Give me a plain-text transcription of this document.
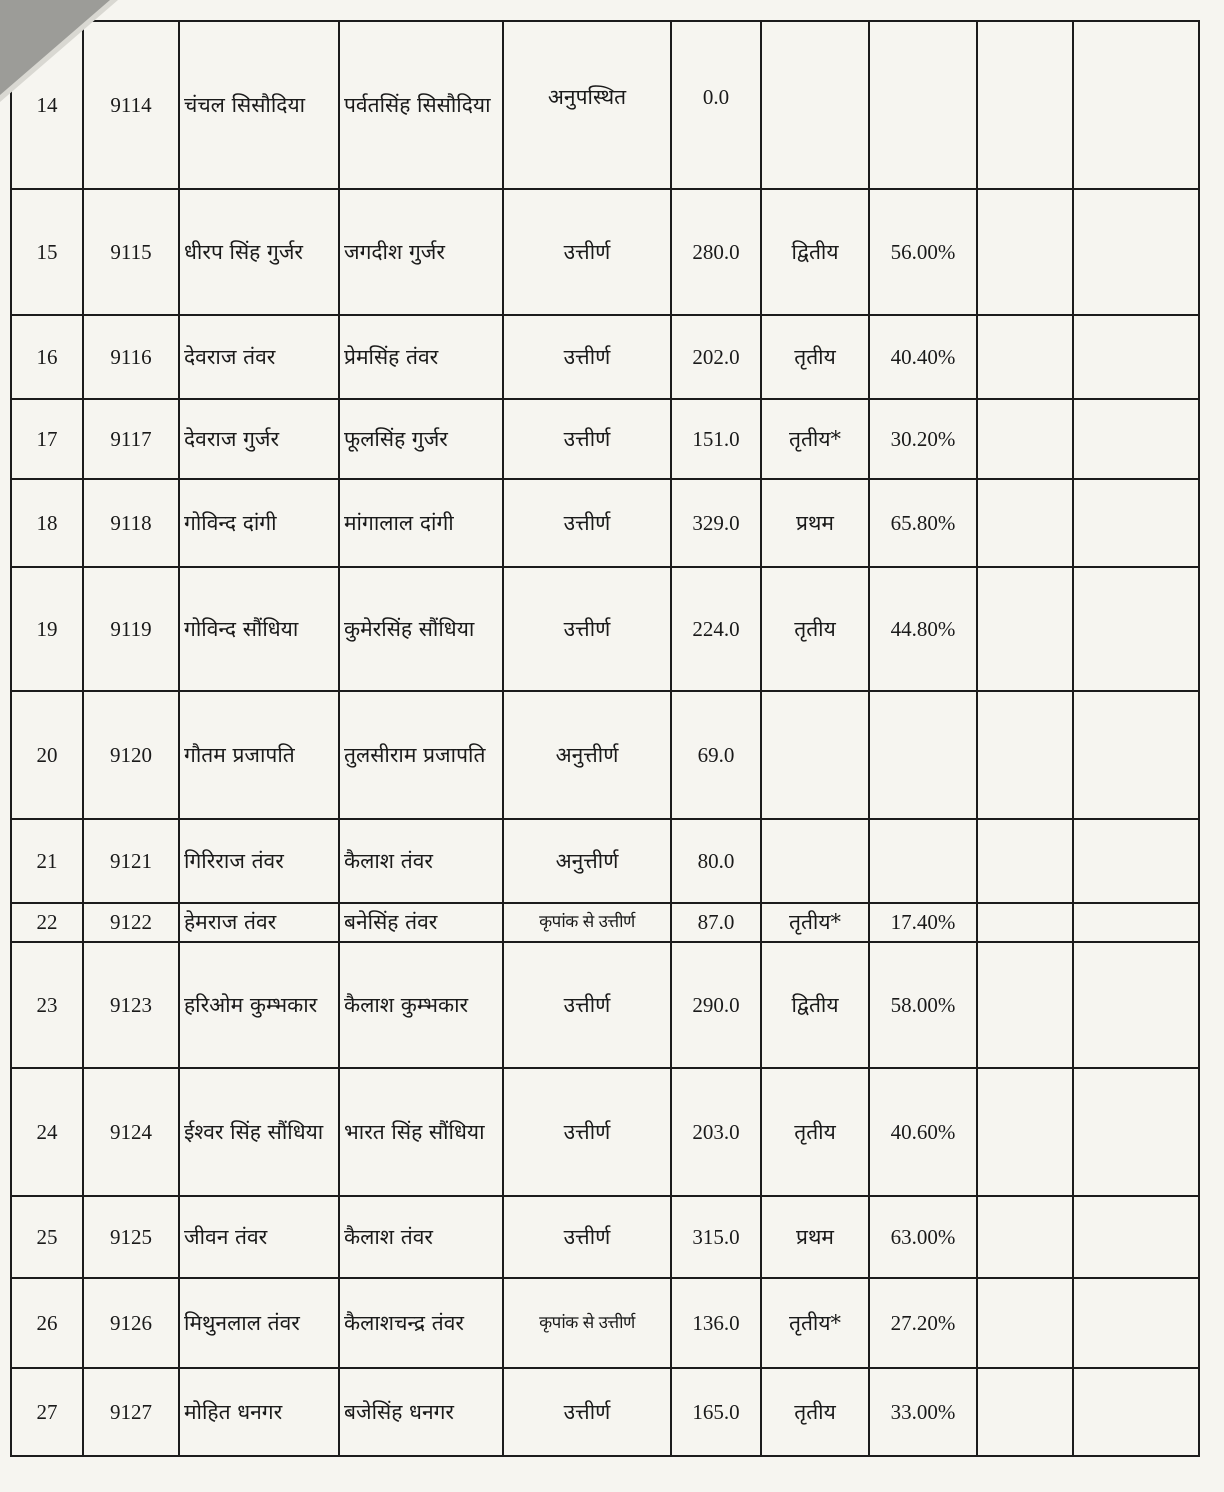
14	9114	चंचल सिसौदिया	पर्वतसिंह सिसौदिया	अनुपस्थित	0.0				

15	9115	धीरप सिंह गुर्जर	जगदीश गुर्जर	उत्तीर्ण	280.0	द्वितीय	56.00%		

16	9116	देवराज तंवर	प्रेमसिंह तंवर	उत्तीर्ण	202.0	तृतीय	40.40%		

17	9117	देवराज गुर्जर	फूलसिंह गुर्जर	उत्तीर्ण	151.0	तृतीय*	30.20%		

18	9118	गोविन्द दांगी	मांगालाल दांगी	उत्तीर्ण	329.0	प्रथम	65.80%		

19	9119	गोविन्द सौंधिया	कुमेरसिंह सौंधिया	उत्तीर्ण	224.0	तृतीय	44.80%		

20	9120	गौतम प्रजापति	तुलसीराम प्रजापति	अनुत्तीर्ण	69.0				

21	9121	गिरिराज तंवर	कैलाश तंवर	अनुत्तीर्ण	80.0				

22	9122	हेमराज तंवर	बनेसिंह तंवर	कृपांक से उत्तीर्ण	87.0	तृतीय*	17.40%		

23	9123	हरिओम कुम्भकार	कैलाश कुम्भकार	उत्तीर्ण	290.0	द्वितीय	58.00%		

24	9124	ईश्वर सिंह सौंधिया	भारत सिंह सौंधिया	उत्तीर्ण	203.0	तृतीय	40.60%		

25	9125	जीवन तंवर	कैलाश तंवर	उत्तीर्ण	315.0	प्रथम	63.00%		

26	9126	मिथुनलाल तंवर	कैलाशचन्द्र तंवर	कृपांक से उत्तीर्ण	136.0	तृतीय*	27.20%		

27	9127	मोहित धनगर	बजेसिंह धनगर	उत्तीर्ण	165.0	तृतीय	33.00%		
